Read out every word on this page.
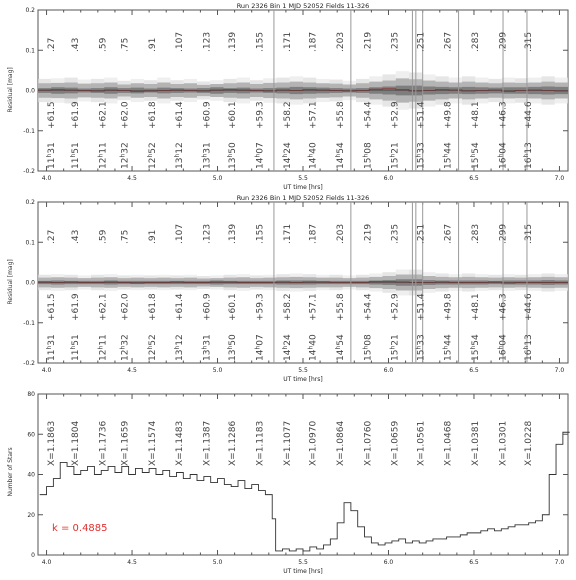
4.0	4.5	5.0	5.5	6.0	6.5	7.0
-0.2
-0.1
0.0
0.1
0.2
UT time [hrs]
Residual [mag]
Run 2326 Bin 1 MJD 52052 Fields 11-326
.27
+61.5
11$^h$31
.43
+61.9
11$^h$51
.59
+62.1
12$^h$11
.75
+62.0
12$^h$32
.91
+61.8
12$^h$52
.107
+61.4
13$^h$12
.123
+60.9
13$^h$31
.139
+60.1
13$^h$50
.155
+59.3
14$^h$07
.171
+58.2
14$^h$24
.187
+57.1
14$^h$40
.203
+55.8
14$^h$54
.219
+54.4
15$^h$08
.235
+52.9
15$^h$21
.251
+51.4
15$^h$33
.267
+49.8
15$^h$44
.283
+48.1
15$^h$54
.299
+46.3
16$^h$04
.315
+44.6
16$^h$13
4.0	4.5	5.0	5.5	6.0	6.5	7.0
-0.2
-0.1
0.0
0.1
0.2
UT time [hrs]
Residual [mag]
Run 2326 Bin 1 MJD 52052 Fields 11-326
.27
+61.5
11$^h$31
.43
+61.9
11$^h$51
.59
+62.1
12$^h$11
.75
+62.0
12$^h$32
.91
+61.8
12$^h$52
.107
+61.4
13$^h$12
.123
+60.9
13$^h$31
.139
+60.1
13$^h$50
.155
+59.3
14$^h$07
.171
+58.2
14$^h$24
.187
+57.1
14$^h$40
.203
+55.8
14$^h$54
.219
+54.4
15$^h$08
.235
+52.9
15$^h$21
.251
+51.4
15$^h$33
.267
+49.8
15$^h$44
.283
+48.1
15$^h$54
.299
+46.3
16$^h$04
.315
+44.6
16$^h$13
4.0	4.5	5.0	5.5	6.0	6.5	7.0
0
20
40
60
80
UT time [hrs]
Number of Stars
X=1.1863 X=1.1804 X=1.1736 X=1.1659 X=1.1574 X=1.1483 X=1.1387 X=1.1286 X=1.1183 X=1.1077 X=1.0970 X=1.0864 X=1.0760 X=1.0659 X=1.0561 X=1.0468 X=1.0381 X=1.0301 X=1.0228
k = 0.4885
